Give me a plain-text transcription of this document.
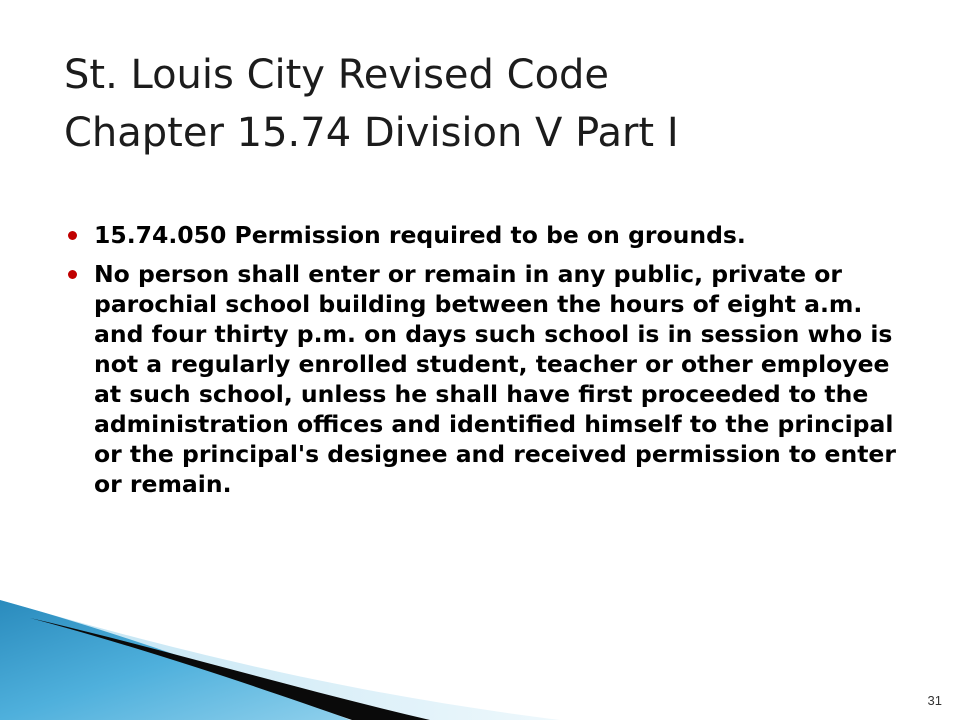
St. Louis City Revised Code
Chapter 15.74 Division V Part I
15.74.050 Permission required to be on grounds.
No person shall enter or remain in any public, private or parochial school building between the hours of eight a.m. and four thirty p.m. on days such school is in session who is not a regularly enrolled student, teacher or other employee at such school, unless he shall have first proceeded to the administration offices and identified himself to the principal or the principal's designee and received permission to enter or remain.
31
